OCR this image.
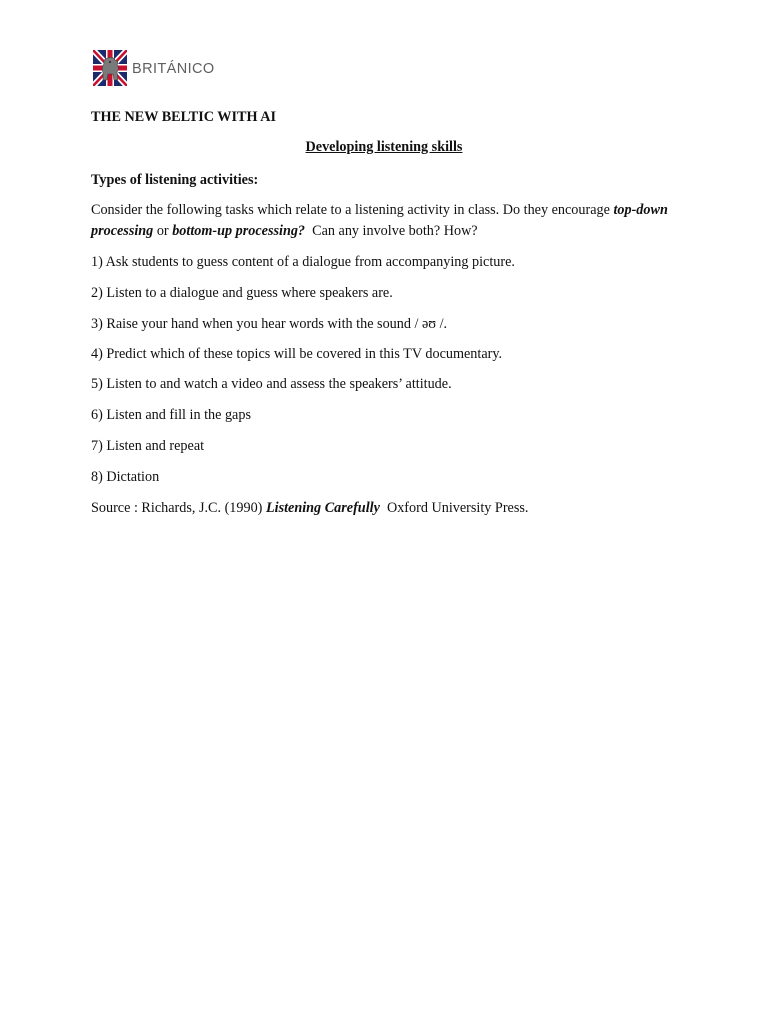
BRITÁNICO
THE NEW BELTIC WITH AI
Developing listening skills
Types of listening activities:
Consider the following tasks which relate to a listening activity in class. Do they encourage top-down processing or bottom-up processing?  Can any involve both? How?
1) Ask students to guess content of a dialogue from accompanying picture.
2) Listen to a dialogue and guess where speakers are.
3) Raise your hand when you hear words with the sound / əʊ /.
4) Predict which of these topics will be covered in this TV documentary.
5) Listen to and watch a video and assess the speakers’ attitude.
6) Listen and fill in the gaps
7) Listen and repeat
8) Dictation
Source : Richards, J.C. (1990) Listening Carefully  Oxford University Press.
